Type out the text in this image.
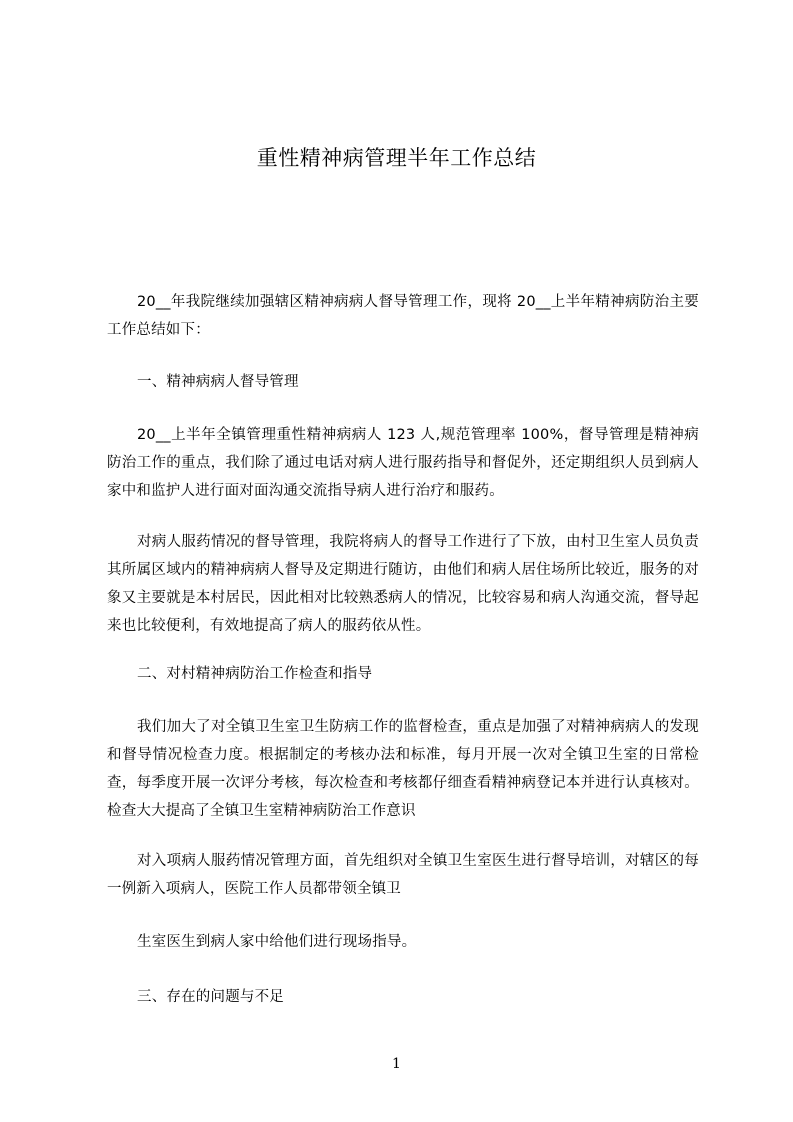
重性精神病管理半年工作总结

20__年我院继续加强辖区精神病病人督导管理工作，现将 20__上半年精神病防治主要工作总结如下：

一、精神病病人督导管理

20__上半年全镇管理重性精神病病人 123 人,规范管理率 100%，督导管理是精神病防治工作的重点，我们除了通过电话对病人进行服药指导和督促外，还定期组织人员到病人家中和监护人进行面对面沟通交流指导病人进行治疗和服药。

对病人服药情况的督导管理，我院将病人的督导工作进行了下放，由村卫生室人员负责其所属区域内的精神病病人督导及定期进行随访，由他们和病人居住场所比较近，服务的对象又主要就是本村居民，因此相对比较熟悉病人的情况，比较容易和病人沟通交流，督导起来也比较便利，有效地提高了病人的服药依从性。

二、对村精神病防治工作检查和指导

我们加大了对全镇卫生室卫生防病工作的监督检查，重点是加强了对精神病病人的发现和督导情况检查力度。根据制定的考核办法和标准，每月开展一次对全镇卫生室的日常检查，每季度开展一次评分考核，每次检查和考核都仔细查看精神病登记本并进行认真核对。检查大大提高了全镇卫生室精神病防治工作意识

对入项病人服药情况管理方面，首先组织对全镇卫生室医生进行督导培训，对辖区的每一例新入项病人，医院工作人员都带领全镇卫

生室医生到病人家中给他们进行现场指导。

三、存在的问题与不足

1
